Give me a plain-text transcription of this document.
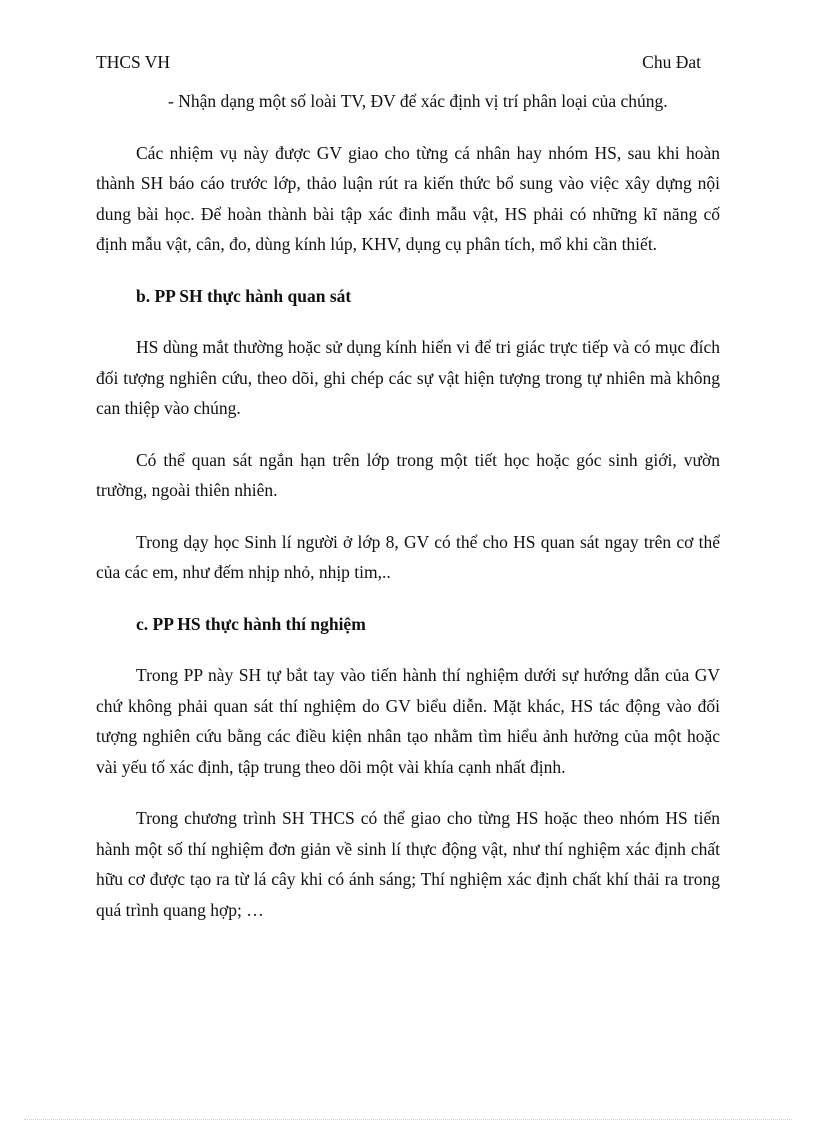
THCS VH	Chu Đat

- Nhận dạng một số loài TV, ĐV để xác định vị trí phân loại của chúng.

Các nhiệm vụ này được GV giao cho từng cá nhân hay nhóm HS, sau khi hoàn thành SH báo cáo trước lớp, thảo luận rút ra kiến thức bổ sung vào việc xây dựng nội dung bài học. Để hoàn thành bài tập xác đinh mẫu vật, HS phải có những kĩ năng cố định mẫu vật, cân, đo, dùng kính lúp, KHV, dụng cụ phân tích, mổ khi cần thiết.

b. PP SH thực hành quan sát

HS dùng mắt thường hoặc sử dụng kính hiển vi để tri giác trực tiếp và có mục đích đối tượng nghiên cứu, theo dõi, ghi chép các sự vật hiện tượng trong tự nhiên mà không can thiệp vào chúng.

Có thể quan sát ngắn hạn trên lớp trong một tiết học hoặc góc sinh giới, vườn trường, ngoài thiên nhiên.

Trong dạy học Sinh lí người ở lớp 8, GV có thể cho HS quan sát ngay trên cơ thể của các em, như đếm nhịp nhỏ, nhịp tim,..

c. PP HS thực hành thí nghiệm

Trong PP này SH tự bắt tay vào tiến hành thí nghiệm dưới sự hướng dẫn của GV chứ không phải quan sát thí nghiệm do GV biểu diễn. Mặt khác, HS tác động vào đối tượng nghiên cứu bằng các điều kiện nhân tạo nhằm tìm hiểu ảnh hưởng của một hoặc vài yếu tố xác định, tập trung theo dõi một vài khía cạnh nhất định.

Trong chương trình SH THCS có thể giao cho từng HS hoặc theo nhóm HS tiến hành một số thí nghiệm đơn giản về sinh lí thực động vật, như thí nghiệm xác định chất hữu cơ được tạo ra từ lá cây khi có ánh sáng; Thí nghiệm xác định chất khí thải ra trong quá trình quang hợp; …
